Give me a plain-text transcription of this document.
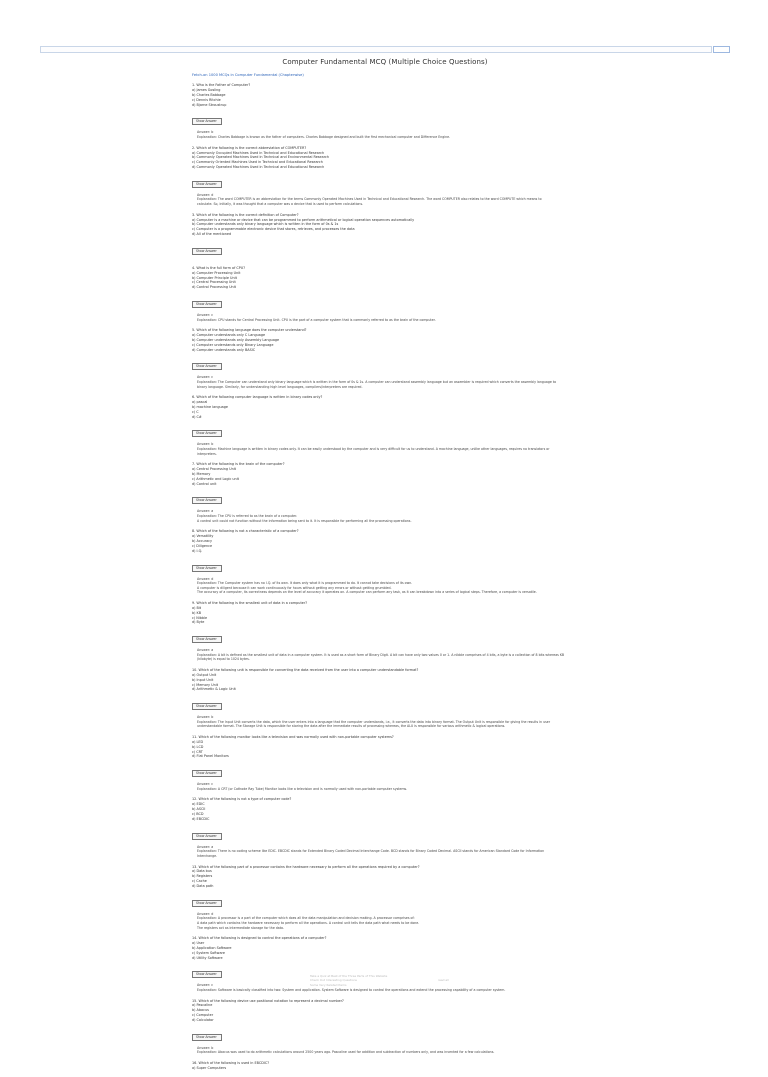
Computer Fundamental MCQ (Multiple Choice Questions)
Fetch-on 1000 MCQs in Computer Fundamental (Chapterwise)
1. Who is the Father of Computer?
a) James Gosling
b) Charles Babbage
c) Dennis Ritchie
d) Bjarne Stroustrup
Show Answer
Answer: b
Explanation: Charles Babbage is known as the father of computers. Charles Babbage designed and built the first mechanical computer and Difference Engine.
2. Which of the following is the correct abbreviation of COMPUTER?
a) Commonly Occupied Machines Used in Technical and Educational Research
b) Commonly Operated Machines Used in Technical and Environmental Research
c) Commonly Oriented Machines Used in Technical and Educational Research
d) Commonly Operated Machines Used in Technical and Educational Research
Show Answer
Answer: d
Explanation: The word COMPUTER is an abbreviation for the terms Commonly Operated Machines Used in Technical and Educational Research. The word COMPUTER also relates to the word COMPUTE which means to
calculate. So, initially, it was thought that a computer was a device that is used to perform calculations.
3. Which of the following is the correct definition of Computer?
a) Computer is a machine or device that can be programmed to perform arithmetical or logical operation sequences automatically
b) Computer understands only binary language which is written in the form of 0s & 1s
c) Computer is a programmable electronic device that stores, retrieves, and processes the data
d) All of the mentioned
Show Answer
4. What is the full form of CPU?
a) Computer Processing Unit
b) Computer Principle Unit
c) Central Processing Unit
d) Control Processing Unit
Show Answer
Answer: c
Explanation: CPU stands for Central Processing Unit. CPU is the part of a computer system that is commonly referred to as the brain of the computer.
5. Which of the following language does the computer understand?
a) Computer understands only C Language
b) Computer understands only Assembly Language
c) Computer understands only Binary Language
d) Computer understands only BASIC
Show Answer
Answer: c
Explanation: The Computer can understand only binary language which is written in the form of 0s & 1s. A computer can understand assembly language but an assembler is required which converts the assembly language to
binary language. Similarly, for understanding high level languages, compilers/interpreters are required.
6. Which of the following computer language is written in binary codes only?
a) pascal
b) machine language
c) C
d) C#
Show Answer
Answer: b
Explanation: Machine language is written in binary codes only. It can be easily understood by the computer and is very difficult for us to understand. A machine language, unlike other languages, requires no translators or
interpreters.
7. Which of the following is the brain of the computer?
a) Central Processing Unit
b) Memory
c) Arithmetic and Logic unit
d) Control unit
Show Answer
Answer: a
Explanation: The CPU is referred to as the brain of a computer.
A control unit could not function without the information being sent to it. It is responsible for performing all the processing operations.
8. Which of the following is not a characteristic of a computer?
a) Versatility
b) Accuracy
c) Diligence
d) I.Q.
Show Answer
Answer: d
Explanation: The Computer system has no I.Q. of its own. It does only what it is programmed to do. It cannot take decisions of its own.
A computer is diligent because it can work continuously for hours without getting any errors or without getting grumbled.
The accuracy of a computer, its correctness depends on the level of accuracy it operates on. A computer can perform any task, as it can breakdown into a series of logical steps. Therefore, a computer is versatile.
9. Which of the following is the smallest unit of data in a computer?
a) Bit
b) KB
c) Nibble
d) Byte
Show Answer
Answer: a
Explanation: A bit is defined as the smallest unit of data in a computer system. It is used as a short form of Binary Digit. A bit can have only two values 0 or 1. A nibble comprises of 4 bits, a byte is a collection of 8 bits whereas KB
(kilobyte) is equal to 1024 bytes.
10. Which of the following unit is responsible for converting the data received from the user into a computer understandable format?
a) Output Unit
b) Input Unit
c) Memory Unit
d) Arithmetic & Logic Unit
Show Answer
Answer: b
Explanation: The Input Unit converts the data, which the user enters into a language that the computer understands, i.e., it converts the data into binary format. The Output Unit is responsible for giving the results in user
understandable format. The Storage Unit is responsible for storing the data after the immediate results of processing whereas, the ALU is responsible for various arithmetic & logical operations.
11. Which of the following monitor looks like a television and was normally used with non-portable computer systems?
a) LED
b) LCD
c) CRT
d) Flat Panel Monitors
Show Answer
Answer: c
Explanation: A CRT (or Cathode Ray Tube) Monitor looks like a television and is normally used with non-portable computer systems.
12. Which of the following is not a type of computer code?
a) EDIC
b) ASCII
c) BCD
d) EBCDIC
Show Answer
Answer: a
Explanation: There is no coding scheme like EDIC. EBCDIC stands for Extended Binary Coded Decimal Interchange Code. BCD stands for Binary Coded Decimal. ASCII stands for American Standard Code for Information
Interchange.
13. Which of the following part of a processor contains the hardware necessary to perform all the operations required by a computer?
a) Data bus
b) Registers
c) Cache
d) Data path
Show Answer
Answer: d
Explanation: A processor is a part of the computer which does all the data manipulation and decision making. A processor comprises of:
A data path which contains the hardware necessary to perform all the operations. A control unit tells the data path what needs to be done.
The registers act as intermediate storage for the data.
14. Which of the following is designed to control the operations of a computer?
a) User
b) Application Software
c) System Software
d) Utility Software
Show Answer
Answer: c
Explanation: Software is basically classified into two: System and application. System Software is designed to control the operations and extend the processing capability of a computer system.
15. Which of the following device use positional notation to represent a decimal number?
a) Pascaline
b) Abacus
c) Computer
d) Calculator
Show Answer
Answer: b
Explanation: Abacus was used to do arithmetic calculations around 2500 years ago. Pascaline used for addition and subtraction of numbers only, and was invented for a few calculations.
16. Which of the following is used in EBCDIC?
a) Super Computers
Take a Quiz at Best of the Three Parts of This Website
Check Out Interesting Questions
Some Very Related Items
read all
